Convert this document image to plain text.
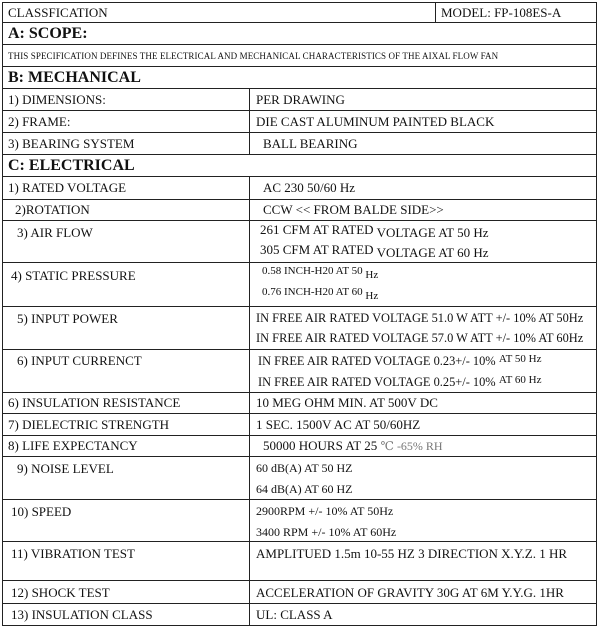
CLASSFICATION	MODEL: FP-108ES-A
A: SCOPE:
THIS SPECIFICATION DEFINES THE ELECTRICAL AND MECHANICAL CHARACTERISTICS OF THE AIXAL FLOW FAN
B: MECHANICAL
1) DIMENSIONS:	PER DRAWING
2) FRAME:	DIE CAST ALUMINUM PAINTED BLACK
3) BEARING SYSTEM	BALL BEARING
C: ELECTRICAL
1) RATED VOLTAGE	AC 230 50/60 Hz
2)ROTATION	CCW << FROM BALDE SIDE>>
3) AIR FLOW	261 CFM AT RATED VOLTAGE AT 50 Hz
305 CFM AT RATED VOLTAGE AT 60 Hz
4) STATIC PRESSURE	0.58 INCH-H20 AT 50 Hz
0.76 INCH-H20 AT 60 Hz
5) INPUT POWER	IN FREE AIR RATED VOLTAGE 51.0 W ATT +/- 10% AT 50Hz
IN FREE AIR RATED VOLTAGE 57.0 W ATT +/- 10% AT 60Hz
6) INPUT CURRENCT	IN FREE AIR RATED VOLTAGE 0.23+/- 10% $^{AT 50 Hz}$
IN FREE AIR RATED VOLTAGE 0.25+/- 10% $^{AT 60 Hz}$
6) INSULATION RESISTANCE	10 MEG OHM MIN. AT 500V DC
7) DIELECTRIC STRENGTH	1 SEC. 1500V AC AT 50/60HZ
8) LIFE EXPECTANCY	50000 HOURS AT 25 ℃ -65% RH
9) NOISE LEVEL	60 dB(A) AT 50 HZ
64 dB(A) AT 60 HZ
10) SPEED	2900RPM +/- 10% AT 50Hz
3400 RPM +/- 10% AT 60Hz
11) VIBRATION TEST	AMPLITUED 1.5m 10-55 HZ 3 DIRECTION X.Y.Z. 1 HR
12) SHOCK TEST	ACCELERATION OF GRAVITY 30G AT 6M Y.Y.G. 1HR
13) INSULATION CLASS	UL: CLASS A
